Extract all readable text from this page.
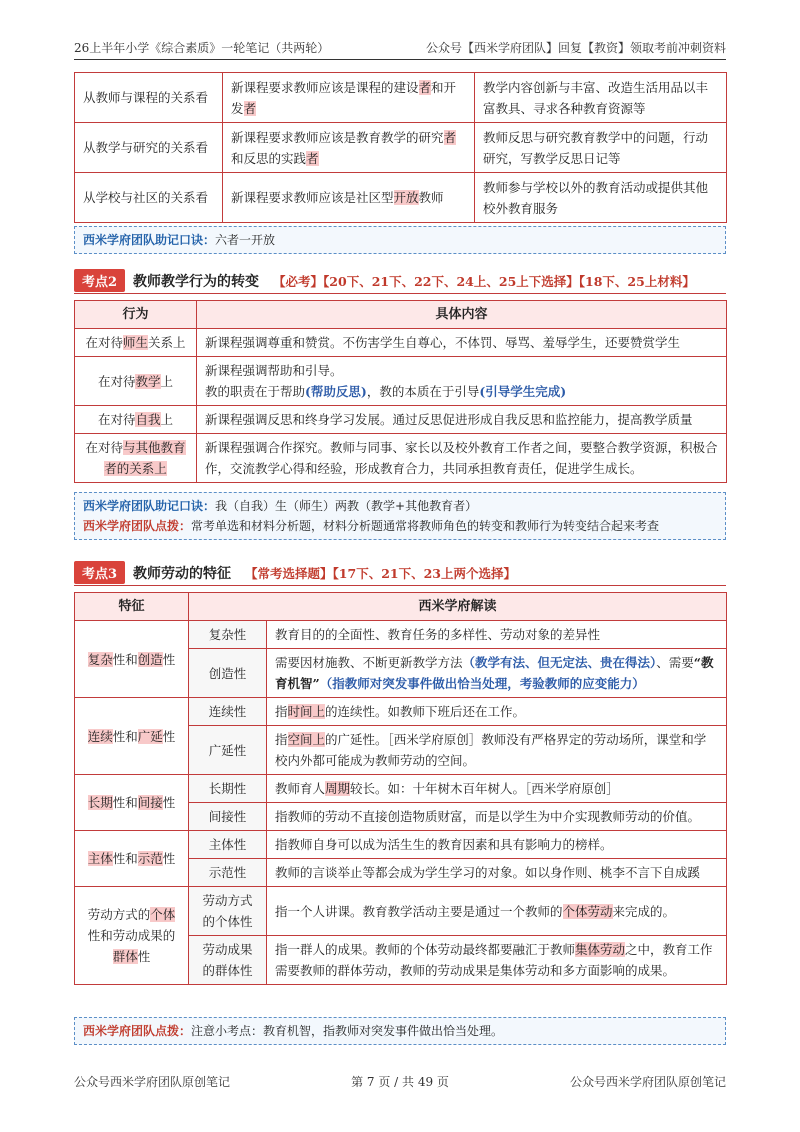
26上半年小学《综合素质》一轮笔记（共两轮）	公众号【西米学府团队】回复【教资】领取考前冲刺资料
从教师与课程的关系看	新课程要求教师应该是课程的建设者和开发者	教学内容创新与丰富、改造生活用品以丰富教具、寻求各种教育资源等
从教学与研究的关系看	新课程要求教师应该是教育教学的研究者和反思的实践者	教师反思与研究教育教学中的问题，行动研究，写教学反思日记等
从学校与社区的关系看	新课程要求教师应该是社区型开放教师	教师参与学校以外的教育活动或提供其他校外教育服务
西米学府团队助记口诀：六者一开放
考点2	教师教学行为的转变 【必考】【20下、21下、22下、24上、25上下选择】【18下、25上材料】
行为	具体内容
在对待师生关系上	新课程强调尊重和赞赏。不伤害学生自尊心，不体罚、辱骂、羞辱学生，还要赞赏学生
在对待教学上	新课程强调帮助和引导。
教的职责在于帮助(帮助反思)，教的本质在于引导(引导学生完成)

在对待自我上	新课程强调反思和终身学习发展。通过反思促进形成自我反思和监控能力，提高教学质量
在对待与其他教育者的关系上	新课程强调合作探究。教师与同事、家长以及校外教育工作者之间，要整合教学资源，积极合作，交流教学心得和经验，形成教育合力，共同承担教育责任，促进学生成长。
西米学府团队助记口诀：我（自我）生（师生）两教（教学+其他教育者）
西米学府团队点拨：常考单选和材料分析题，材料分析题通常将教师角色的转变和教师行为转变结合起来考查
考点3	教师劳动的特征 【常考选择题】【17下、21下、23上两个选择】
特征	西米学府解读	
复杂性和创造性	复杂性	教育目的的全面性、教育任务的多样性、劳动对象的差异性
	创造性	需要因材施教、不断更新教学方法（教学有法、但无定法、贵在得法）、需要“教育机智”（指教师对突发事件做出恰当处理，考验教师的应变能力）
连续性和广延性	连续性	指时间上的连续性。如教师下班后还在工作。
	广延性	指空间上的广延性。［西米学府原创］教师没有严格界定的劳动场所，课堂和学校内外都可能成为教师劳动的空间。
长期性和间接性	长期性	教师育人周期较长。如：十年树木百年树人。［西米学府原创］
	间接性	指教师的劳动不直接创造物质财富，而是以学生为中介实现教师劳动的价值。
主体性和示范性	主体性	指教师自身可以成为活生生的教育因素和具有影响力的榜样。
	示范性	教师的言谈举止等都会成为学生学习的对象。如以身作则、桃李不言下自成蹊
劳动方式的个体性和劳动成果的群体性	劳动方式的个体性	指一个人讲课。教育教学活动主要是通过一个教师的个体劳动来完成的。
	劳动成果的群体性	指一群人的成果。教师的个体劳动最终都要融汇于教师集体劳动之中，教育工作需要教师的群体劳动，教师的劳动成果是集体劳动和多方面影响的成果。
西米学府团队点拨：注意小考点：教育机智，指教师对突发事件做出恰当处理。
公众号西米学府团队原创笔记	第 7 页 / 共 49 页	公众号西米学府团队原创笔记
